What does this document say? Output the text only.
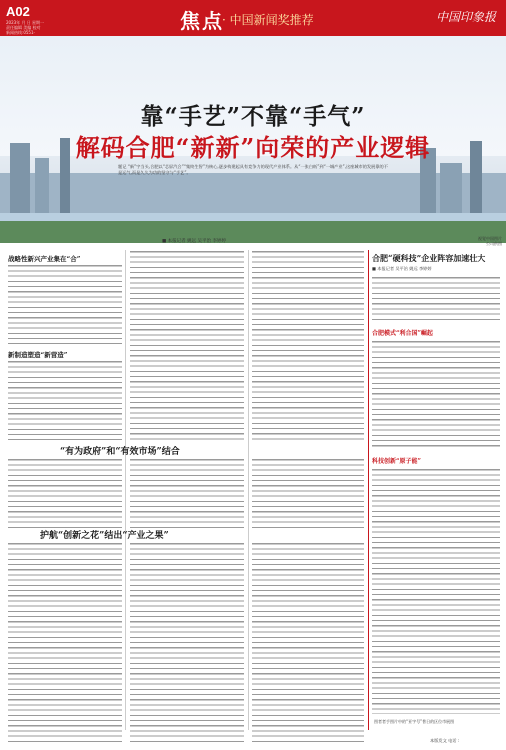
A02
2023年 月 日 星期一
责任编辑 美编 校对
新闻热线:0551-	焦点
· 中国新闻奖推荐	中国印象报
靠“手艺”不靠“手气”
解码合肥“新新”向荣的产业逻辑
题记 “新”字当头,合肥以“芯屏汽合”“集终生智”为核心,逐步构建起具有竞争力的现代产业体系。从“一张白纸”到“一城产业”,这座城市的发展靠的不是运气,而是久久为功的坚守与“手艺”。
视觉中国图片
公司供图
■ 本报记者 姚远 吴平治 李婷婷
战略性新兴产业集在“合”
新制造塑造“新营造”
“有为政府”和“有效市场”结合
护航“创新之花”结出“产业之果”
合肥“硬科技”企业阵容加速壮大
■ 本报记者 吴平治 姚远 李婷婷
合肥模式“利合国”崛起
科技创新“原子能”
图者者手图片中的“亚字号”普日的区位市展图
本版发文 电话 :
